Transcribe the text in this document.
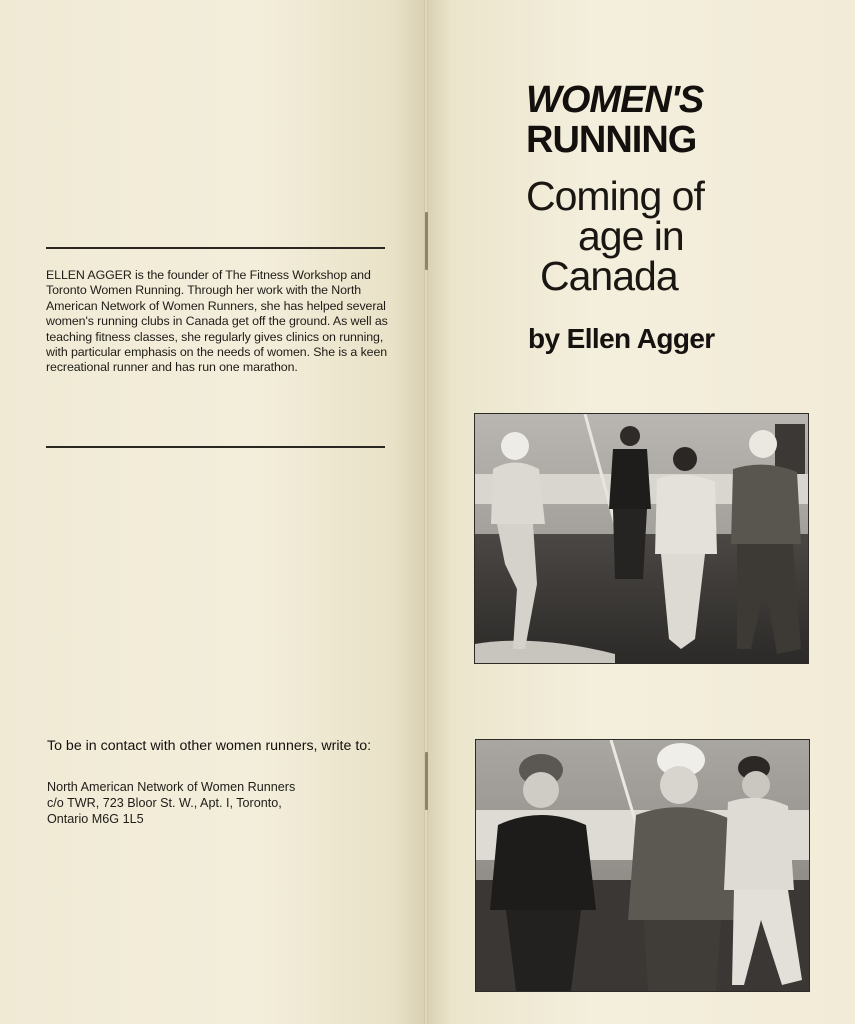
ELLEN AGGER is the founder of The Fitness Workshop and Toronto Women Running. Through her work with the North American Network of Women Runners, she has helped several women's running clubs in Canada get off the ground. As well as teaching fitness classes, she regularly gives clinics on running, with particular emphasis on the needs of women. She is a keen recreational runner and has run one marathon.

To be in contact with other women runners, write to:

North American Network of Women Runners
c/o TWR, 723 Bloor St. W., Apt. I, Toronto,
Ontario M6G 1L5
WOMEN'S
RUNNING
Coming of
age in
Canada

by Ellen Agger
